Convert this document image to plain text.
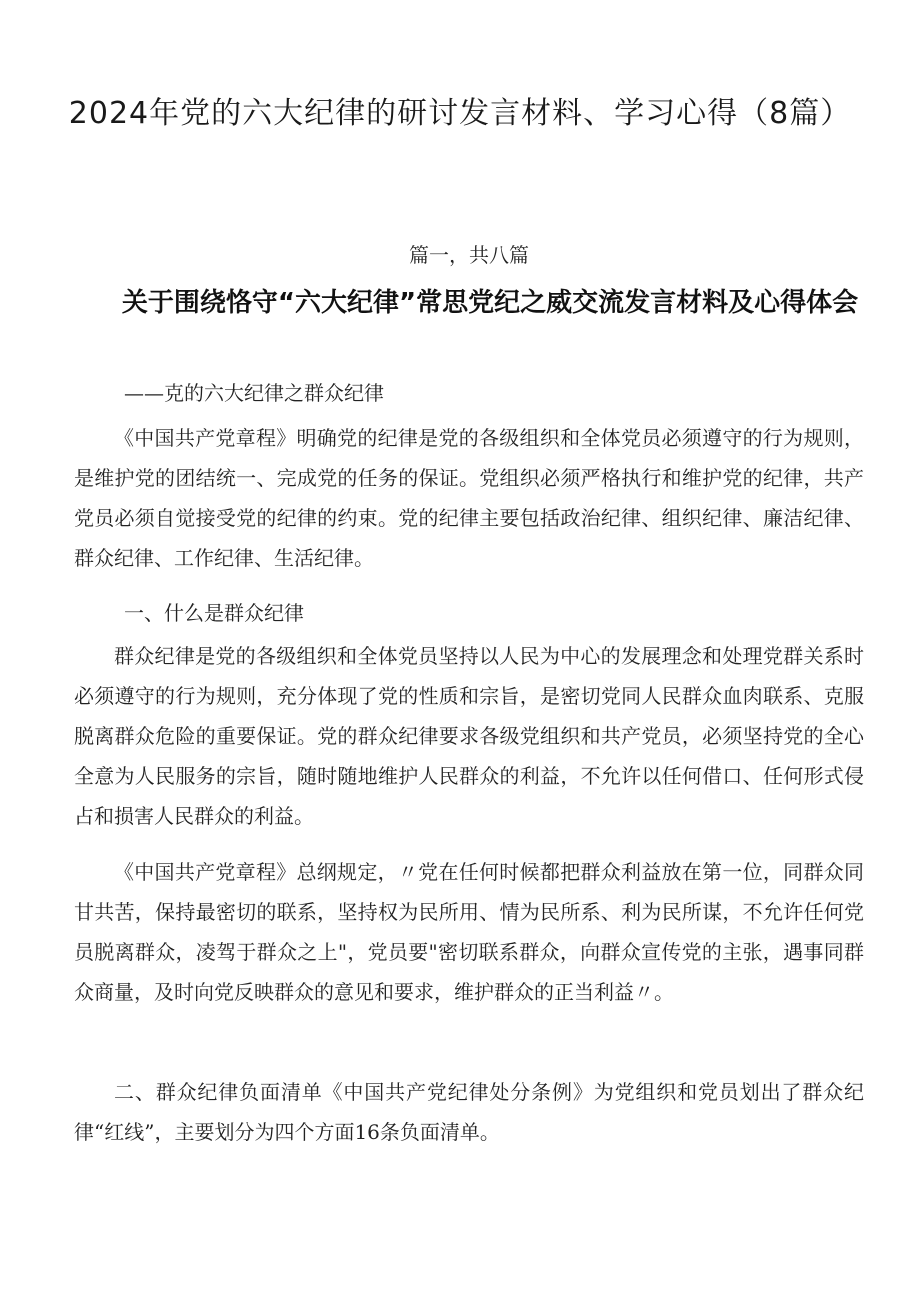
2024年党的六大纪律的研讨发言材料、学习心得（8篇）
篇一，共八篇
关于围绕恪守“六大纪律”常思党纪之威交流发言材料及心得体会
——克的六大纪律之群众纪律

《中国共产党章程》明确党的纪律是党的各级组织和全体党员必须遵守的行为规则，是维护党的团结统一、完成党的任务的保证。党组织必须严格执行和维护党的纪律，共产党员必须自觉接受党的纪律的约束。党的纪律主要包括政治纪律、组织纪律、廉洁纪律、群众纪律、工作纪律、生活纪律。

一、什么是群众纪律

群众纪律是党的各级组织和全体党员坚持以人民为中心的发展理念和处理党群关系时必须遵守的行为规则，充分体现了党的性质和宗旨，是密切党同人民群众血肉联系、克服脱离群众危险的重要保证。党的群众纪律要求各级党组织和共产党员，必须坚持党的全心全意为人民服务的宗旨，随时随地维护人民群众的利益，不允许以任何借口、任何形式侵占和损害人民群众的利益。

《中国共产党章程》总纲规定，〃党在任何时候都把群众利益放在第一位，同群众同甘共苦，保持最密切的联系，坚持权为民所用、情为民所系、利为民所谋，不允许任何党员脱离群众，凌驾于群众之上"，党员要"密切联系群众，向群众宣传党的主张，遇事同群众商量，及时向党反映群众的意见和要求，维护群众的正当利益〃。

二、群众纪律负面清单《中国共产党纪律处分条例》为党组织和党员划出了群众纪律“红线”，主要划分为四个方面16条负面清单。
